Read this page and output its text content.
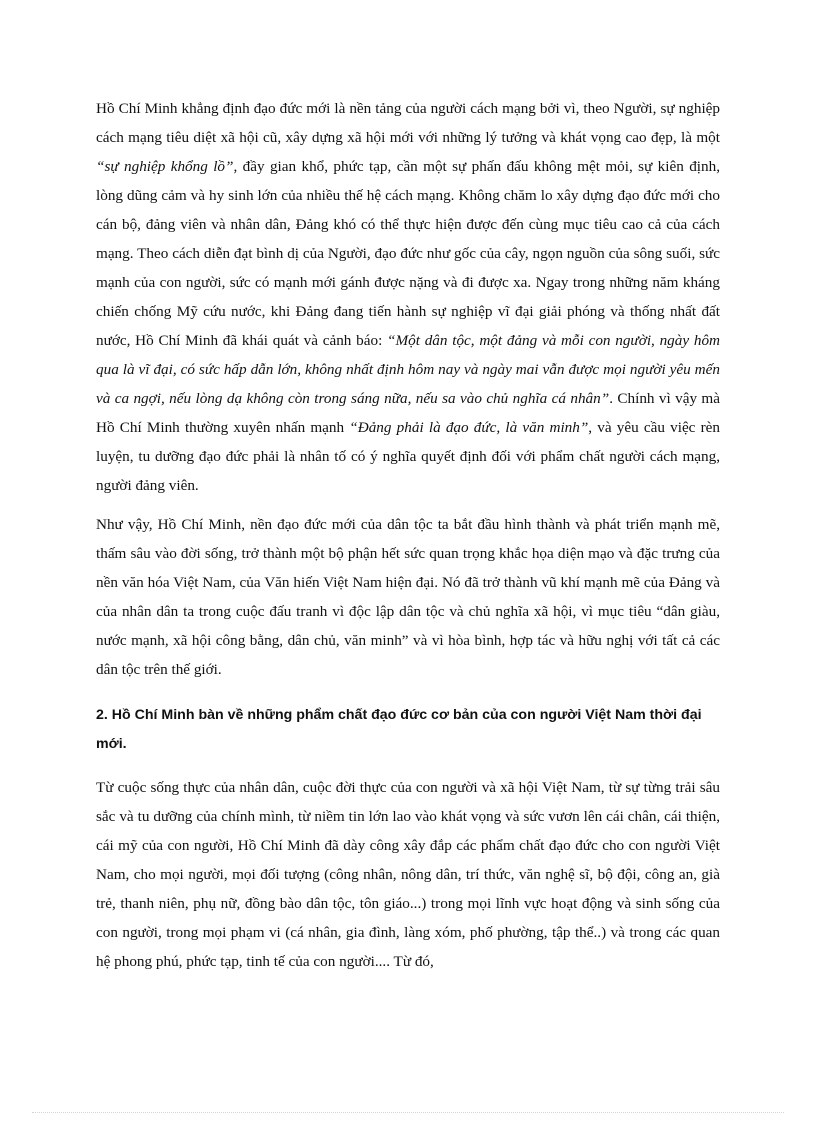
Hồ Chí Minh khẳng định đạo đức mới là nền tảng của người cách mạng bởi vì, theo Người, sự nghiệp cách mạng tiêu diệt xã hội cũ, xây dựng xã hội mới với những lý tưởng và khát vọng cao đẹp, là một “sự nghiệp khổng lồ”, đầy gian khổ, phức tạp, cần một sự phấn đấu không mệt mỏi, sự kiên định, lòng dũng cảm và hy sinh lớn của nhiều thế hệ cách mạng. Không chăm lo xây dựng đạo đức mới cho cán bộ, đảng viên và nhân dân, Đảng khó có thể thực hiện được đến cùng mục tiêu cao cả của cách mạng. Theo cách diễn đạt bình dị của Người, đạo đức như gốc của cây, ngọn nguồn của sông suối, sức mạnh của con người, sức có mạnh mới gánh được nặng và đi được xa. Ngay trong những năm kháng chiến chống Mỹ cứu nước, khi Đảng đang tiến hành sự nghiệp vĩ đại giải phóng và thống nhất đất nước, Hồ Chí Minh đã khái quát và cảnh báo: “Một dân tộc, một đảng và mỗi con người, ngày hôm qua là vĩ đại, có sức hấp dẫn lớn, không nhất định hôm nay và ngày mai vẫn được mọi người yêu mến và ca ngợi, nếu lòng dạ không còn trong sáng nữa, nếu sa vào chủ nghĩa cá nhân”. Chính vì vậy mà Hồ Chí Minh thường xuyên nhấn mạnh “Đảng phải là đạo đức, là văn minh”, và yêu cầu việc rèn luyện, tu dưỡng đạo đức phải là nhân tố có ý nghĩa quyết định đối với phẩm chất người cách mạng, người đảng viên.

Như vậy, Hồ Chí Minh, nền đạo đức mới của dân tộc ta bắt đầu hình thành và phát triển mạnh mẽ, thấm sâu vào đời sống, trở thành một bộ phận hết sức quan trọng khắc họa diện mạo và đặc trưng của nền văn hóa Việt Nam, của Văn hiến Việt Nam hiện đại. Nó đã trở thành vũ khí mạnh mẽ của Đảng và của nhân dân ta trong cuộc đấu tranh vì độc lập dân tộc và chủ nghĩa xã hội, vì mục tiêu “dân giàu, nước mạnh, xã hội công bằng, dân chủ, văn minh” và vì hòa bình, hợp tác và hữu nghị với tất cả các dân tộc trên thế giới.

2. Hồ Chí Minh bàn về những phẩm chất đạo đức cơ bản của con người Việt Nam thời đại mới.

Từ cuộc sống thực của nhân dân, cuộc đời thực của con người và xã hội Việt Nam, từ sự từng trải sâu sắc và tu dưỡng của chính mình, từ niềm tin lớn lao vào khát vọng và sức vươn lên cái chân, cái thiện, cái mỹ của con người, Hồ Chí Minh đã dày công xây đắp các phẩm chất đạo đức cho con người Việt Nam, cho mọi người, mọi đối tượng (công nhân, nông dân, trí thức, văn nghệ sĩ, bộ đội, công an, già trẻ, thanh niên, phụ nữ, đồng bào dân tộc, tôn giáo...) trong mọi lĩnh vực hoạt động và sinh sống của con người, trong mọi phạm vi (cá nhân, gia đình, làng xóm, phố phường, tập thể..) và trong các quan hệ phong phú, phức tạp, tinh tế của con người.... Từ đó,
